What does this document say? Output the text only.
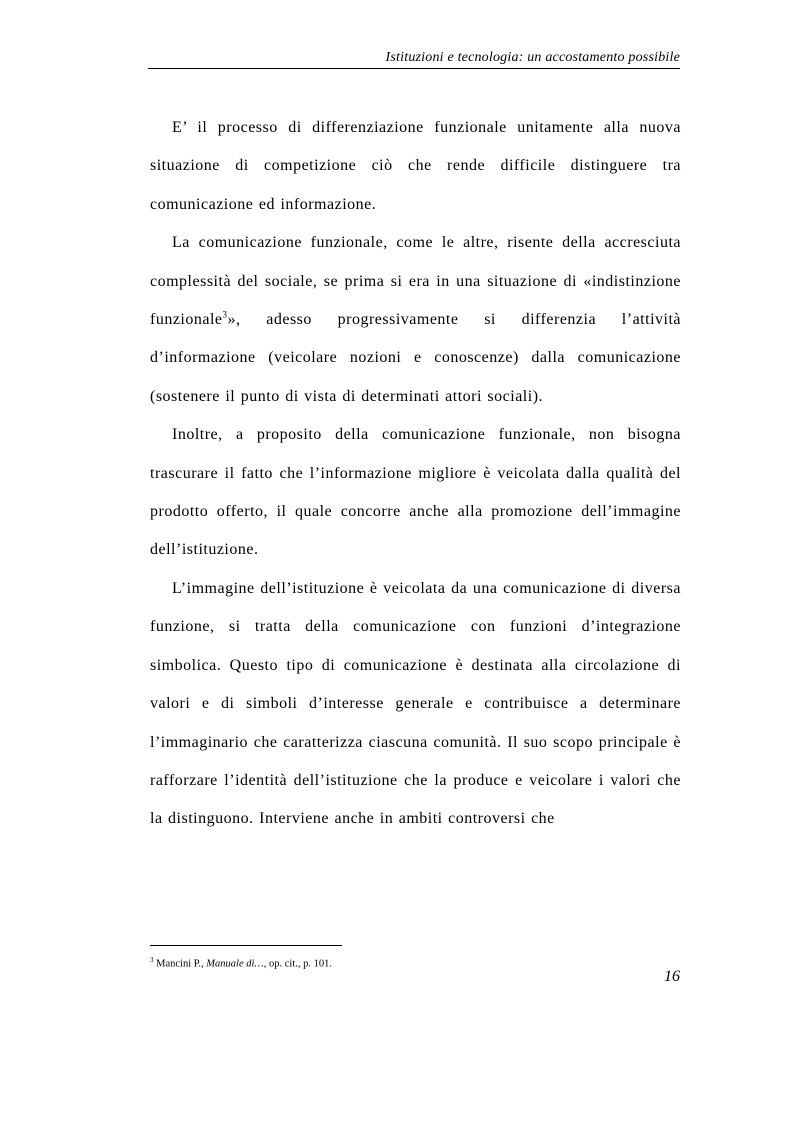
Istituzioni e tecnologia: un accostamento possibile

E’ il processo di differenziazione funzionale unitamente alla nuova situazione di competizione ciò che rende difficile distinguere tra comunicazione ed informazione.

La comunicazione funzionale, come le altre, risente della accresciuta complessità del sociale, se prima si era in una situazione di «indistinzione funzionale$^3$», adesso progressivamente si differenzia l’attività d’informazione (veicolare nozioni e conoscenze) dalla comunicazione (sostenere il punto di vista di determinati attori sociali).

Inoltre, a proposito della comunicazione funzionale, non bisogna trascurare il fatto che l’informazione migliore è veicolata dalla qualità del prodotto offerto, il quale concorre anche alla promozione dell’immagine dell’istituzione.

L’immagine dell’istituzione è veicolata da una comunicazione di diversa funzione, si tratta della comunicazione con funzioni d’integrazione simbolica. Questo tipo di comunicazione è destinata alla circolazione di valori e di simboli d’interesse generale e contribuisce a determinare l’immaginario che caratterizza ciascuna comunità. Il suo scopo principale è rafforzare l’identità dell’istituzione che la produce e veicolare i valori che la distinguono. Interviene anche in ambiti controversi che

$^3$ Mancini P., Manuale di…, op. cit., p. 101.
16
